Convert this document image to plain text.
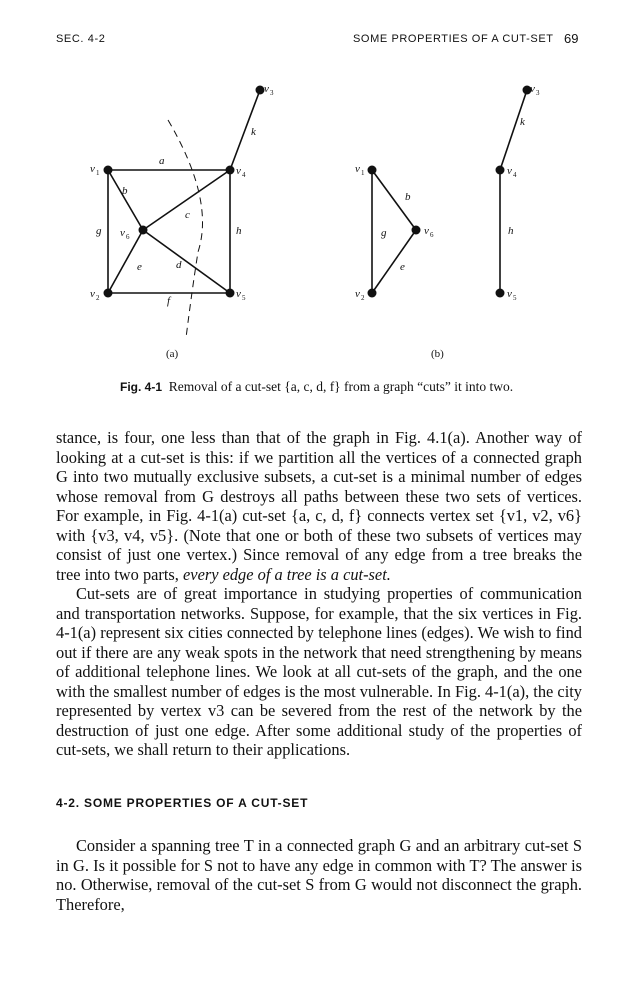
SEC. 4-2	SOME PROPERTIES OF A CUT-SET 69
v 1
v 2
v 3
v 4
v 5
v 6
a
b
c
d
e
f
g	h
k
(a)
v 1
v 2
v 3
v 4
v 5
v 6
b
e
g	h
k
(b)
Fig. 4-1 Removal of a cut-set {a, c, d, f} from a graph “cuts” it into two.

stance, is four, one less than that of the graph in Fig. 4.1(a). Another way of looking at a cut-set is this: if we partition all the vertices of a connected graph G into two mutually exclusive subsets, a cut-set is a minimal number of edges whose removal from G destroys all paths between these two sets of vertices. For example, in Fig. 4-1(a) cut-set {a, c, d, f} connects vertex set {v1, v2, v6} with {v3, v4, v5}. (Note that one or both of these two subsets of vertices may consist of just one vertex.) Since removal of any edge from a tree breaks the tree into two parts, every edge of a tree is a cut-set.

Cut-sets are of great importance in studying properties of communication and transportation networks. Suppose, for example, that the six vertices in Fig. 4-1(a) represent six cities connected by telephone lines (edges). We wish to find out if there are any weak spots in the network that need strengthening by means of additional telephone lines. We look at all cut-sets of the graph, and the one with the smallest number of edges is the most vulnerable. In Fig. 4-1(a), the city represented by vertex v3 can be severed from the rest of the network by the destruction of just one edge. After some additional study of the properties of cut-sets, we shall return to their applications.

4-2. SOME PROPERTIES OF A CUT-SET

Consider a spanning tree T in a connected graph G and an arbitrary cut-set S in G. Is it possible for S not to have any edge in common with T? The answer is no. Otherwise, removal of the cut-set S from G would not disconnect the graph. Therefore,
